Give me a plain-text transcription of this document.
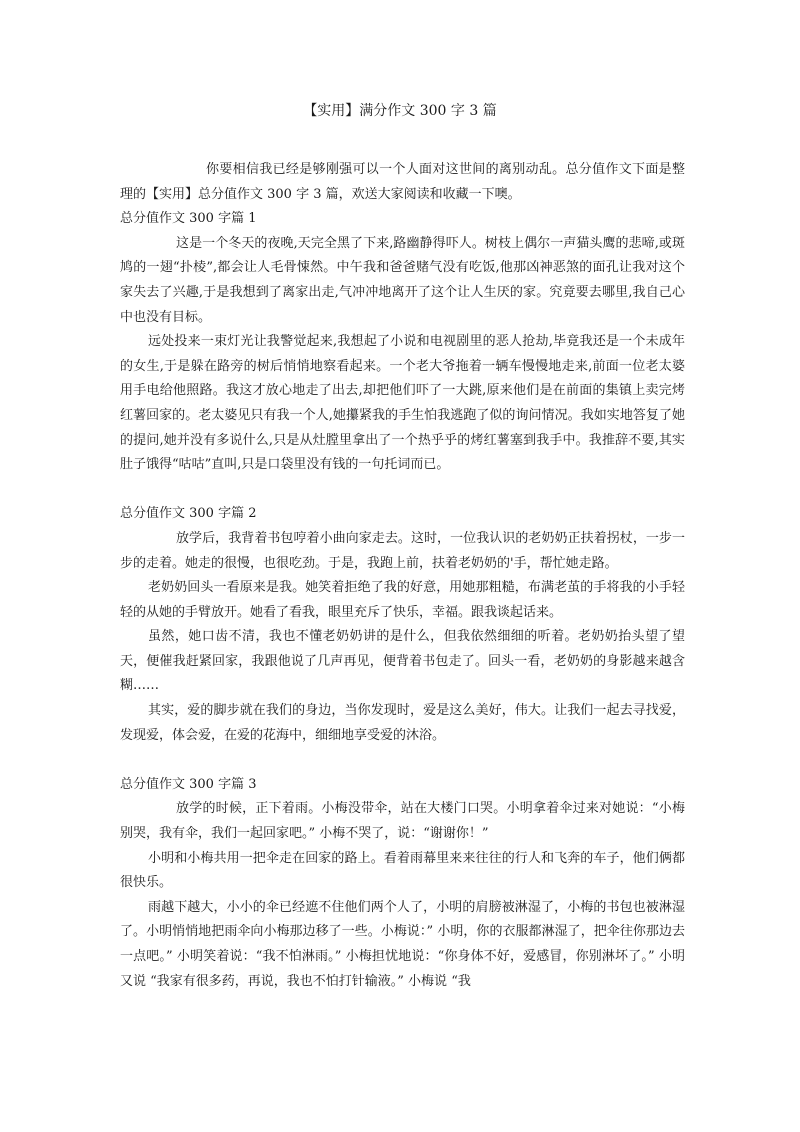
【实用】满分作文 300 字 3 篇

你要相信我已经是够刚强可以一个人面对这世间的离别动乱。总分值作文下面是整理的【实用】总分值作文 300 字 3 篇，欢送大家阅读和收藏一下噢。

总分值作文 300 字篇 1

这是一个冬天的夜晚,天完全黑了下来,路幽静得吓人。树枝上偶尔一声猫头鹰的悲啼,或斑鸠的一翅“扑棱”,都会让人毛骨悚然。中午我和爸爸赌气没有吃饭,他那凶神恶煞的面孔让我对这个家失去了兴趣,于是我想到了离家出走,气冲冲地离开了这个让人生厌的家。究竟要去哪里,我自己心中也没有目标。

远处投来一束灯光让我警觉起来,我想起了小说和电视剧里的恶人抢劫,毕竟我还是一个未成年的女生,于是躲在路旁的树后悄悄地察看起来。一个老大爷拖着一辆车慢慢地走来,前面一位老太婆用手电给他照路。我这才放心地走了出去,却把他们吓了一大跳,原来他们是在前面的集镇上卖完烤红薯回家的。老太婆见只有我一个人,她攥紧我的手生怕我逃跑了似的询问情况。我如实地答复了她的提问,她并没有多说什么,只是从灶膛里拿出了一个热乎乎的烤红薯塞到我手中。我推辞不要,其实肚子饿得“咕咕”直叫,只是口袋里没有钱的一句托词而已。

总分值作文 300 字篇 2

放学后，我背着书包哼着小曲向家走去。这时，一位我认识的老奶奶正扶着拐杖，一步一步的走着。她走的很慢，也很吃劲。于是，我跑上前，扶着老奶奶的'手，帮忙她走路。

老奶奶回头一看原来是我。她笑着拒绝了我的好意，用她那粗糙，布满老茧的手将我的小手轻轻的从她的手臂放开。她看了看我，眼里充斥了快乐，幸福。跟我谈起话来。

虽然，她口齿不清，我也不懂老奶奶讲的是什么，但我依然细细的听着。老奶奶抬头望了望天，便催我赶紧回家，我跟他说了几声再见，便背着书包走了。回头一看，老奶奶的身影越来越含糊……

其实，爱的脚步就在我们的身边，当你发现时，爱是这么美好，伟大。让我们一起去寻找爱，发现爱，体会爱，在爱的花海中，细细地享受爱的沐浴。

总分值作文 300 字篇 3

放学的时候，正下着雨。小梅没带伞，站在大楼门口哭。小明拿着伞过来对她说：“小梅别哭，我有伞，我们一起回家吧。” 小梅不哭了，说：“谢谢你！”

小明和小梅共用一把伞走在回家的路上。看着雨幕里来来往往的行人和飞奔的车子，他们俩都很快乐。

雨越下越大，小小的伞已经遮不住他们两个人了，小明的肩膀被淋湿了，小梅的书包也被淋湿了。小明悄悄地把雨伞向小梅那边移了一些。小梅说：” 小明，你的衣服都淋湿了，把伞往你那边去一点吧。” 小明笑着说：“我不怕淋雨。” 小梅担忧地说：“你身体不好，爱感冒，你别淋坏了。” 小明又说 “我家有很多药，再说，我也不怕打针输液。” 小梅说 “我
